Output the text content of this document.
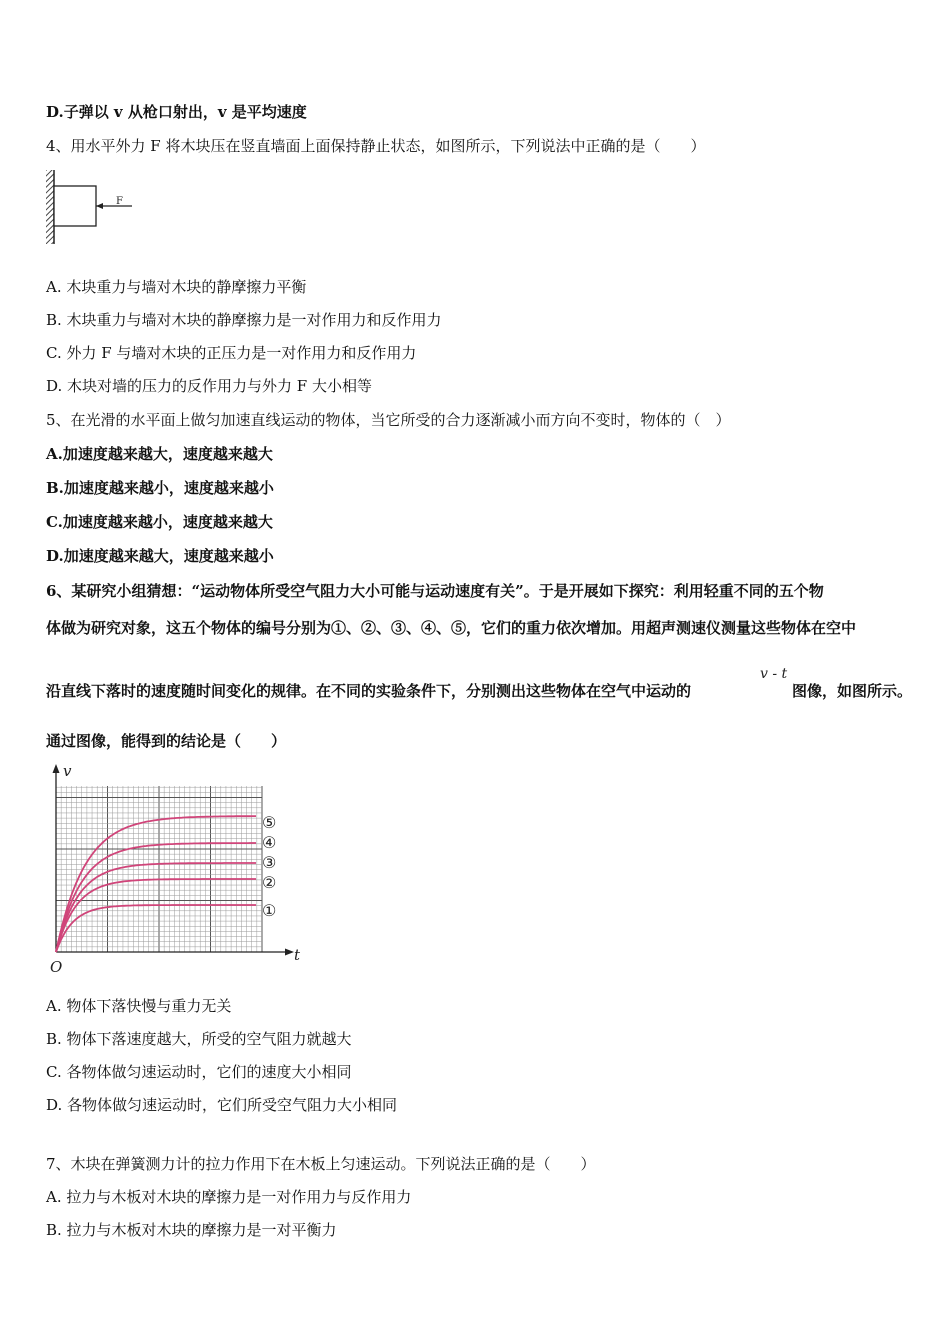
D.子弹以 v 从枪口射出，v 是平均速度
4、用水平外力 F 将木块压在竖直墙面上面保持静止状态，如图所示，下列说法中正确的是（　　）
F
A. 木块重力与墙对木块的静摩擦力平衡
B. 木块重力与墙对木块的静摩擦力是一对作用力和反作用力
C. 外力 F 与墙对木块的正压力是一对作用力和反作用力
D. 木块对墙的压力的反作用力与外力 F 大小相等
5、在光滑的水平面上做匀加速直线运动的物体，当它所受的合力逐渐减小而方向不变时，物体的（　）
A.加速度越来越大，速度越来越大
B.加速度越来越小，速度越来越小
C.加速度越来越小，速度越来越大
D.加速度越来越大，速度越来越小
6、某研究小组猜想：“运动物体所受空气阻力大小可能与运动速度有关”。于是开展如下探究：利用轻重不同的五个物
体做为研究对象，这五个物体的编号分别为①、②、③、④、⑤，它们的重力依次增加。用超声测速仪测量这些物体在空中
沿直线下落时的速度随时间变化的规律。在不同的实验条件下，分别测出这些物体在空气中运动的
v - t
图像，如图所示。
通过图像，能得到的结论是（　　）
v
t
O
⑤
④
③
②
①
A. 物体下落快慢与重力无关
B. 物体下落速度越大，所受的空气阻力就越大
C. 各物体做匀速运动时，它们的速度大小相同
D. 各物体做匀速运动时，它们所受空气阻力大小相同
7、木块在弹簧测力计的拉力作用下在木板上匀速运动。下列说法正确的是（　　）
A. 拉力与木板对木块的摩擦力是一对作用力与反作用力
B. 拉力与木板对木块的摩擦力是一对平衡力
